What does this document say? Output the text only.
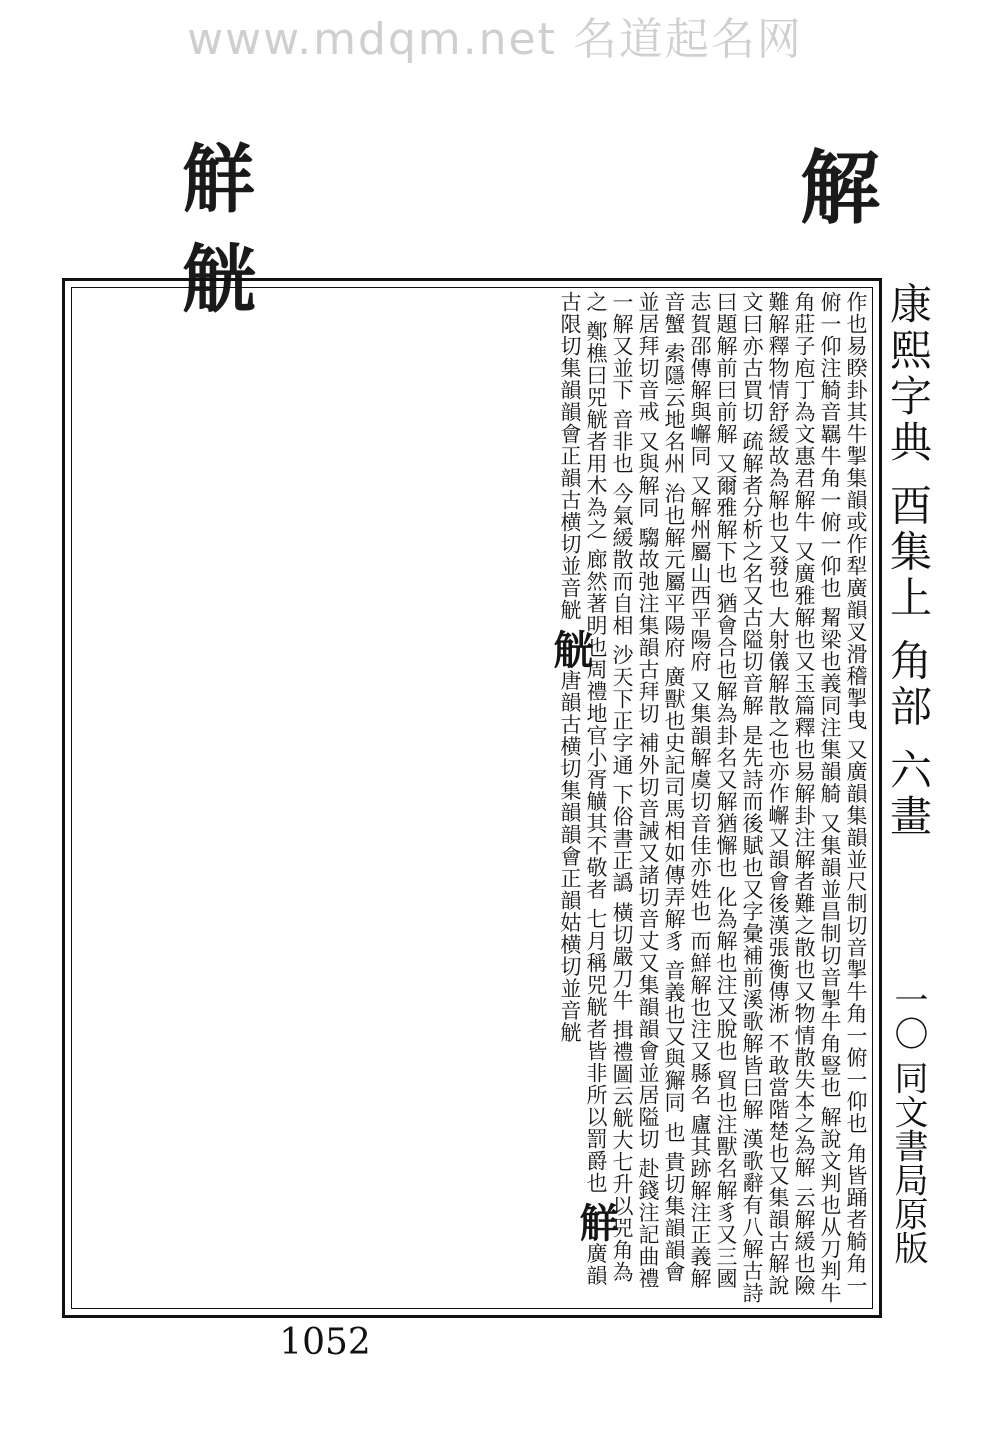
www.mdqm.net 名道起名网
觧 觥	解
作也易睽卦其牛掣集韻或作犁廣韻叉滑稽掣曳 又廣韻集韻並尺制切音掣牛角一俯一仰也 角皆踊者觭角一俯一仰注觭音羈牛角一俯一仰也 觢梁也義同注集韻觭 又集韻並昌制切音掣牛角豎也 解說文判也从刀判牛角莊子庖丁為文惠君解牛 又廣雅解也又玉篇釋也易解卦注解者難之散也又物情散失本之為解 云解緩也險難解釋物情舒緩故為解也又發也 大射儀解散之也亦作嶰又韻會後漢張衡傳淅 不敢當階楚也又集韻古解說文曰亦古買切 疏解者分析之名又古隘切音解 是先詩而後賦也又字彙補前溪歌解皆曰解 漢歌辭有八解古詩曰題解前曰前解 又爾雅解下也 猶會合也解為卦名又解猶懈也 化為解也注又脫也 貿也注獸名解豸又三國志賀邵傳解與嶰同 又解州屬山西平陽府 又集韻解虞切音佳亦姓也 而鮮解也注又縣名 廬其跡解注正義解音蟹 索隱云地名州 治也解元屬平陽府 廣獸也史記司馬相如傳弄解豸 音義也又與獬同 也 貴切集韻韻會並居拜切音戒 又與解同 騶故弛注集韻古拜切 補外切音誡又諸切音丈又集韻韻會並居隘切 赴錢注記曲禮一解又並下 音非也 今氣緩散而自相 沙天下正字通 下俗書正譌 橫切嚴刀牛 揖禮圖云觥大七升以兕角為之 鄭樵曰兕觥者用木為之 廊然著明也周禮地官小胥觵其不敬者 七月稱兕觥者皆非所以罰爵也 觧廣韻古限切集韻韻會正韻古横切並音觥 觥唐韻古横切集韻韻會正韻姑横切並音觥
康熙字典 酉集上 角部 六畫
一〇 同文書局原版
1052
